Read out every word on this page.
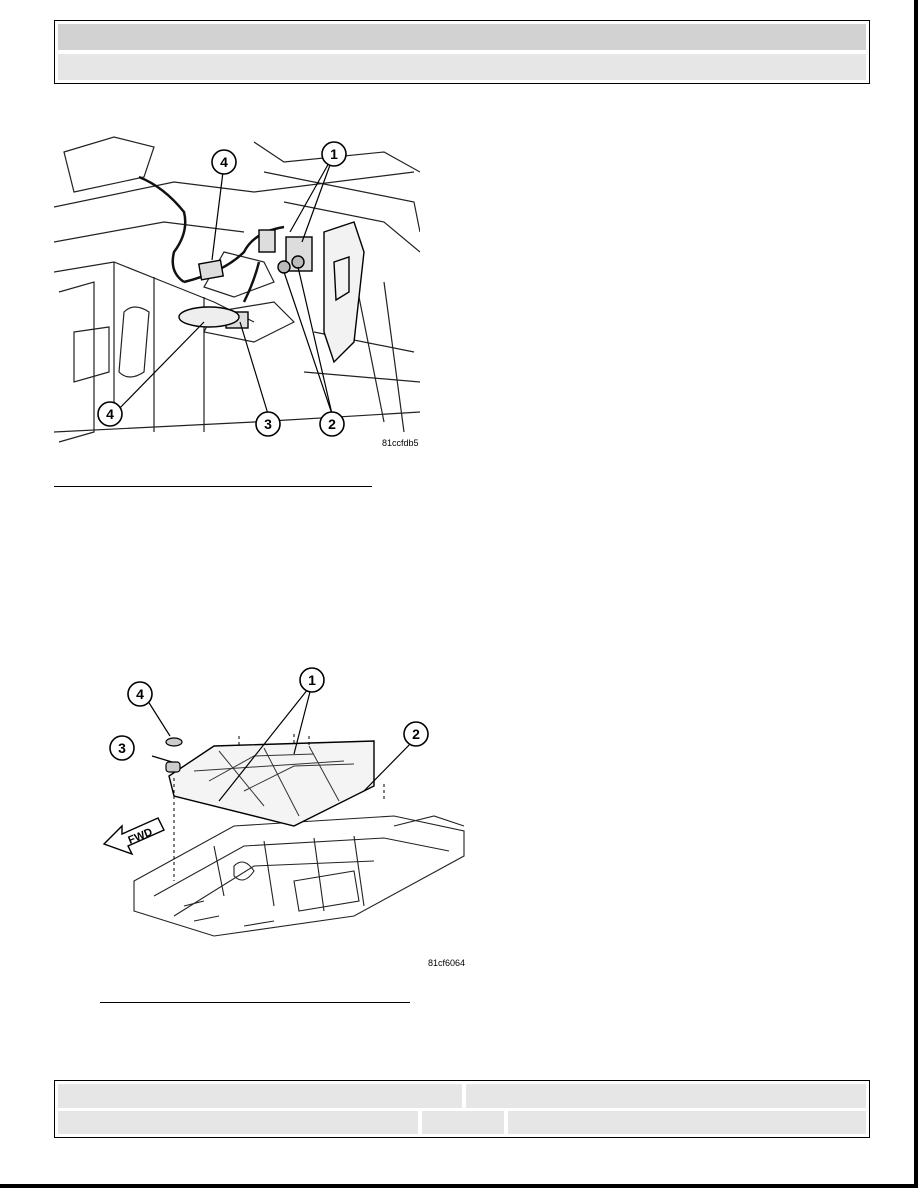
1
2
3
4
4
81ccfdb5
FWD
1
2
3
4
81cf6064
